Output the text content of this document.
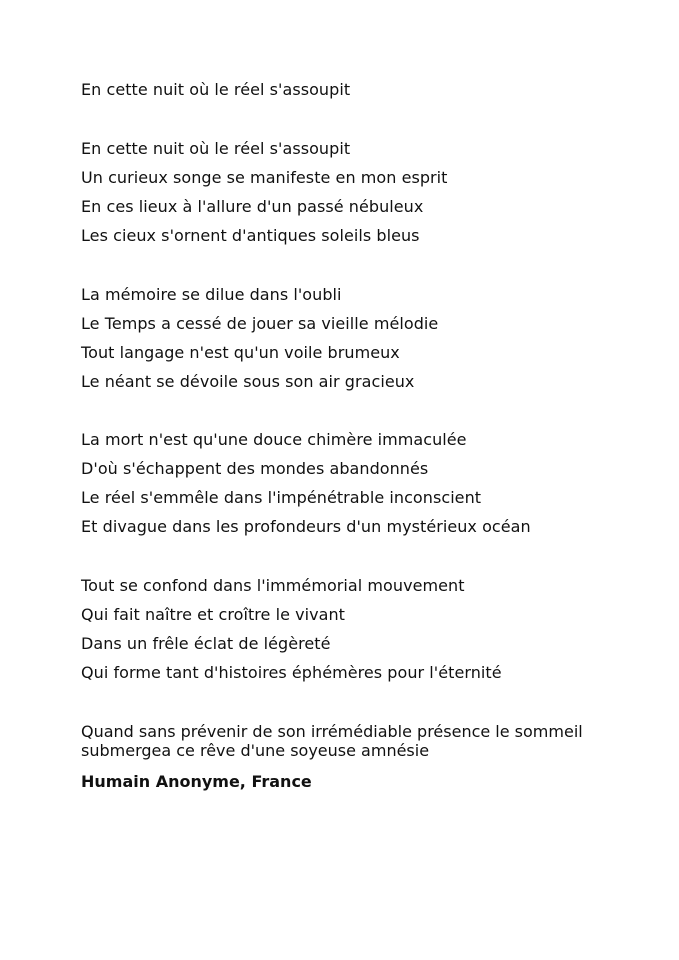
En cette nuit où le réel s'assoupit

En cette nuit où le réel s'assoupit

Un curieux songe se manifeste en mon esprit

En ces lieux à l'allure d'un passé nébuleux

Les cieux s'ornent d'antiques soleils bleus

La mémoire se dilue dans l'oubli

Le Temps a cessé de jouer sa vieille mélodie

Tout langage n'est qu'un voile brumeux

Le néant se dévoile sous son air gracieux

La mort n'est qu'une douce chimère immaculée

D'où s'échappent des mondes abandonnés

Le réel s'emmêle dans l'impénétrable inconscient

Et divague dans les profondeurs d'un mystérieux océan

Tout se confond dans l'immémorial mouvement

Qui fait naître et croître le vivant

Dans un frêle éclat de légèreté

Qui forme tant d'histoires éphémères pour l'éternité

Quand sans prévenir de son irrémédiable présence le sommeil submergea ce rêve d'une soyeuse amnésie

Humain Anonyme, France
